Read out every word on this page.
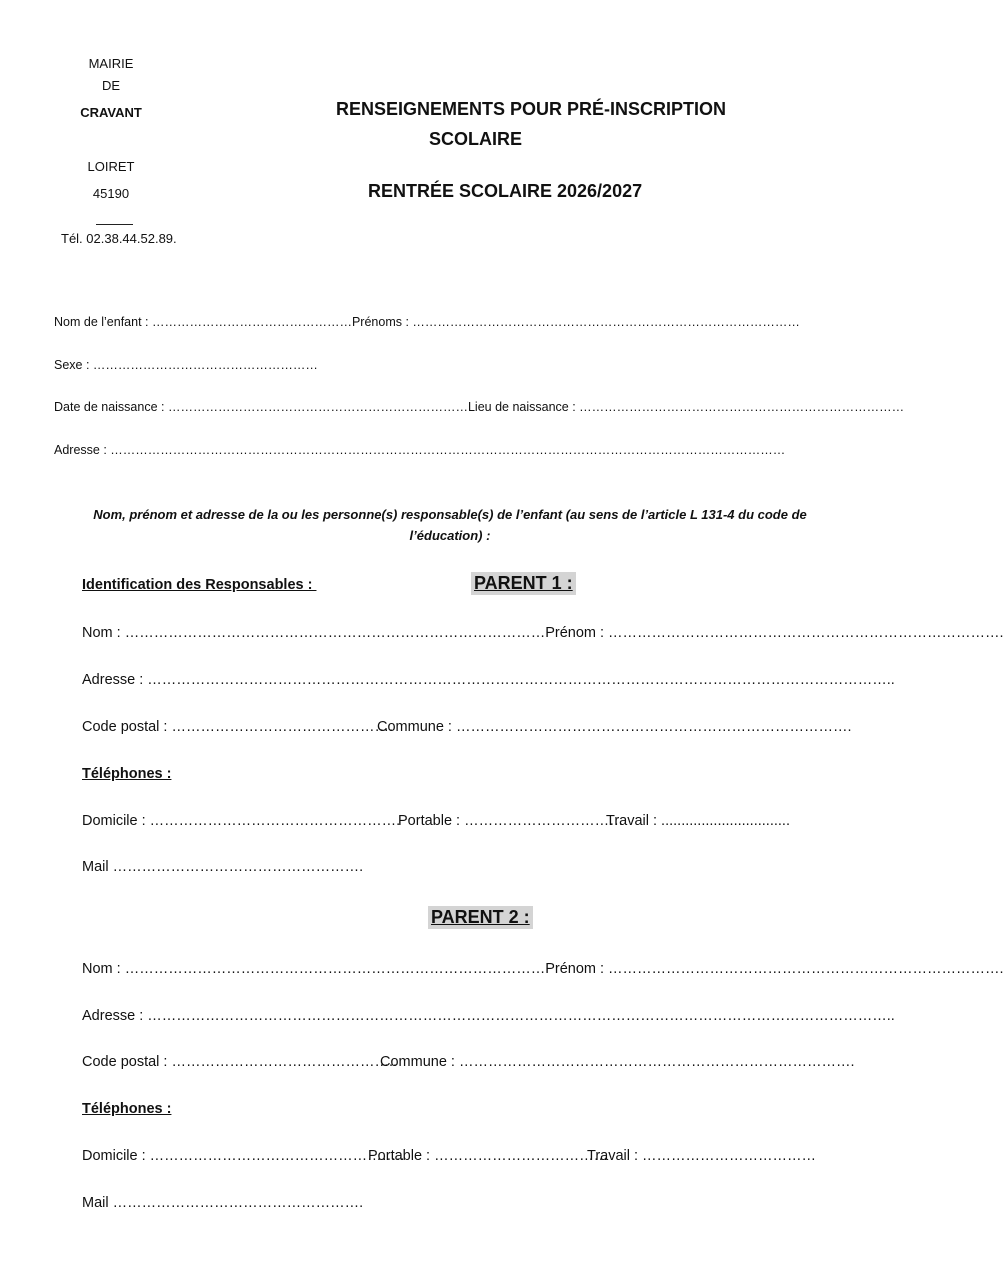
MAIRIE
DE
CRAVANT
LOIRET
45190
Tél. 02.38.44.52.89.
RENSEIGNEMENTS POUR PRÉ-INSCRIPTION
SCOLAIRE
RENTRÉE SCOLAIRE 2026/2027
Nom de l’enfant : …………………………………………Prénoms : …………………………………………………………………………………
Sexe : ………………………………………………
Date de naissance : ………………………………………………………………Lieu de naissance : ……………………………………………………………………
Adresse : ………………………………………………………………………………………………………………………………………………
Nom, prénom et adresse de la ou les personne(s) responsable(s) de l’enfant (au sens de l’article L 131-4 du code de
l’éducation) :
Identification des Responsables :	PARENT 1 :
Nom : ……………………………………………………………………………Prénom : ……………………………………………………………………….
Adresse : ………………………………………………………………………………………………………………………………………..
Code postal : ……………………………………….
Commune : ……………………………………………………………………….
Téléphones :
Domicile : …………………………………………….
Portable : ……………………………
Travail : ................................
Mail …………………………………………….
PARENT 2 :
Nom : ……………………………………………………………………………Prénom : ……………………………………………………………………….
Adresse : ………………………………………………………………………………………………………………………………………..
Code postal : ………………………………………..
Commune : ……………………………………………………………………….
Téléphones :
Domicile : ……………………………………………..
Portable : ………………………………
Travail : ………………………………
Mail …………………………………………….
